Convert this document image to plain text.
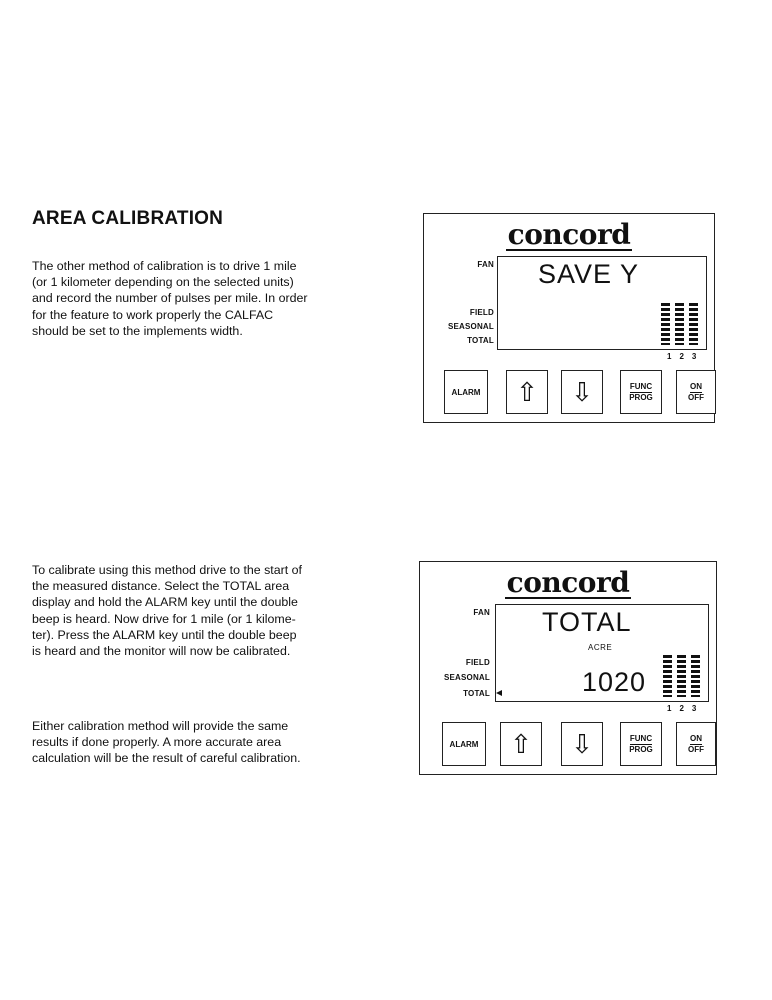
AREA CALIBRATION
The other method of calibration is to drive 1 mile
(or 1 kilometer depending on the selected units)
and record the number of pulses per mile. In order
for the feature to work properly the CALFAC
should be set to the implements width.
To calibrate using this method drive to the start of
the measured distance. Select the TOTAL area
display and hold the ALARM key until the double
beep is heard. Now drive for 1 mile (or 1 kilome-
ter). Press the ALARM key until the double beep
is heard and the monitor will now be calibrated.
Either calibration method will provide the same
results if done properly. A more accurate area
calculation will be the result of careful calibration.
concord
FAN SAVE Y
FIELD
SEASONAL
TOTAL
1 2 3
ALARM ⇧ ⇩	FUNC
PROG
ON
OFF
concord
FAN TOTAL
ACRE
1020
FIELD
SEASONAL
TOTAL
1 2 3
ALARM ⇧ ⇩	FUNC
PROG
ON
OFF
